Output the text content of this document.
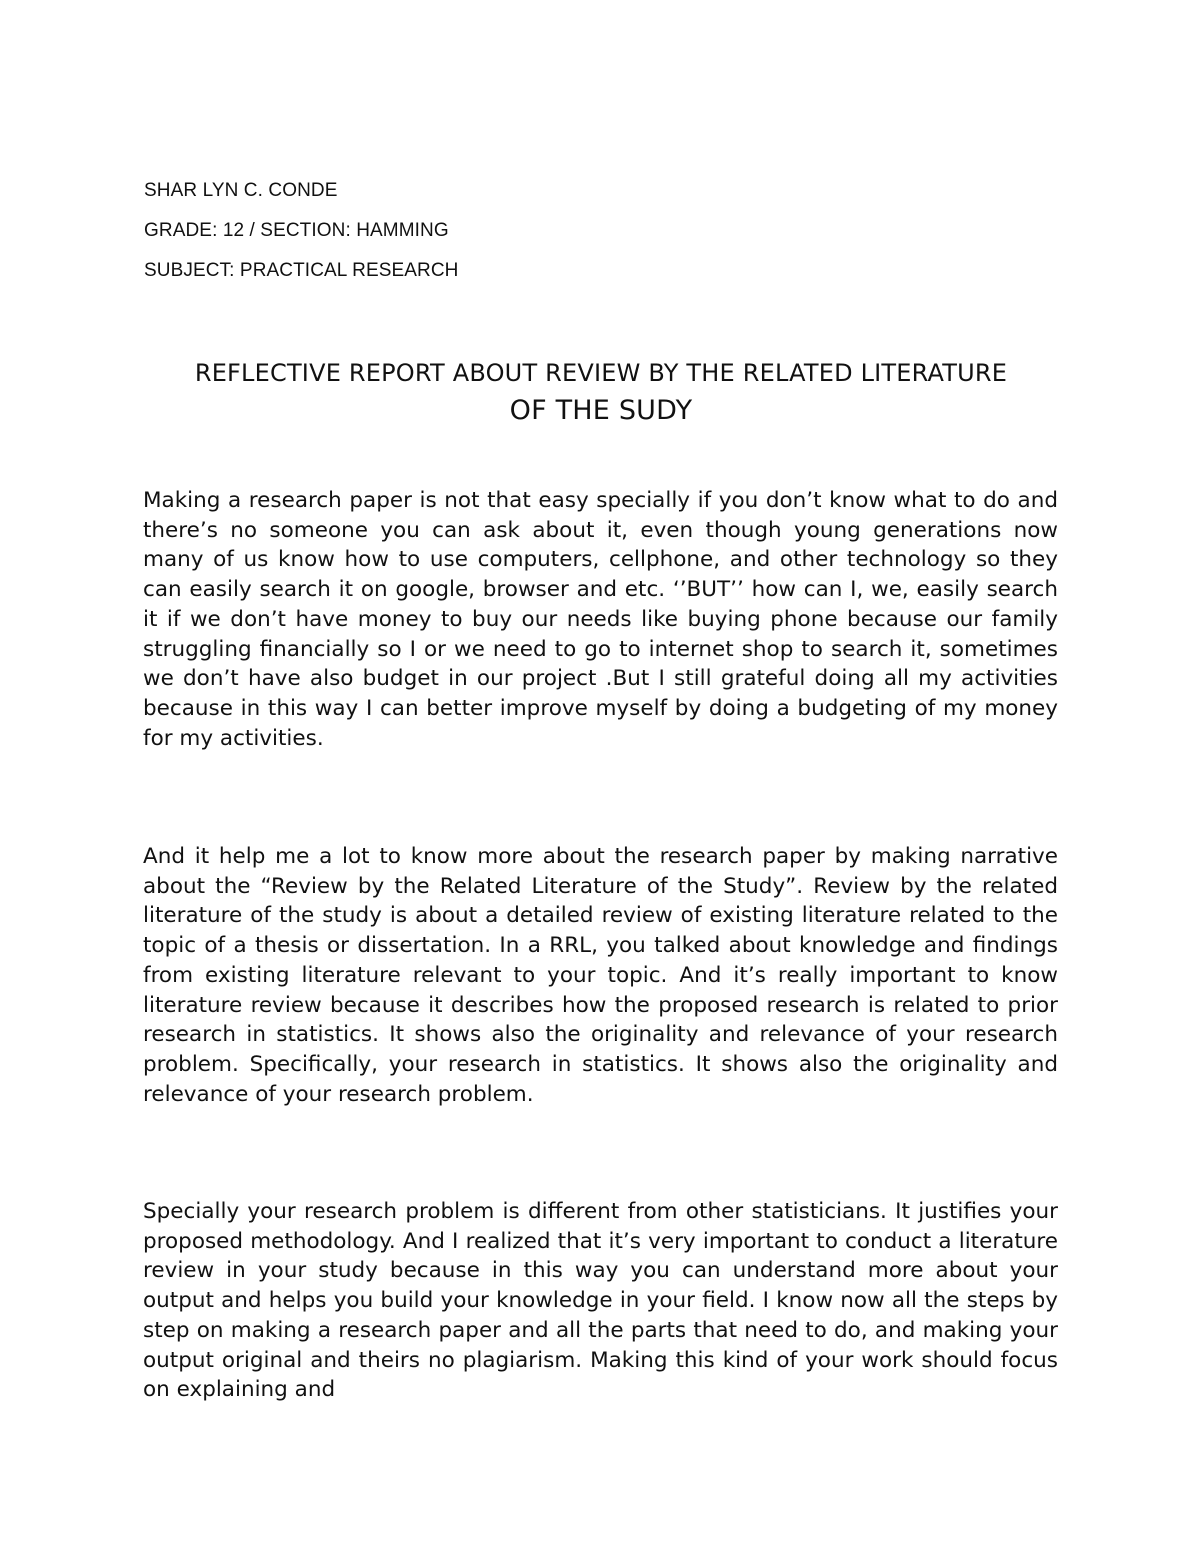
SHAR LYN C. CONDE
GRADE: 12 / SECTION: HAMMING
SUBJECT: PRACTICAL RESEARCH
REFLECTIVE REPORT ABOUT REVIEW BY THE RELATED LITERATURE
OF THE SUDY

Making a research paper is not that easy specially if you don’t know what to do and there’s no someone you can ask about it, even though young generations now many of us know how to use computers, cellphone, and other technology so they can easily search it on google, browser and etc. ‘’BUT’’ how can I, we, easily search it if we don’t have money to buy our needs like buying phone because our family struggling financially so I or we need to go to internet shop to search it, sometimes we don’t have also budget in our project .But I still grateful doing all my activities because in this way I can better improve myself by doing a budgeting of my money for my activities.

And it help me a lot to know more about the research paper by making narrative about the “Review by the Related Literature of the Study”. Review by the related literature of the study is about a detailed review of existing literature related to the topic of a thesis or dissertation. In a RRL, you talked about knowledge and findings from existing literature relevant to your topic. And it’s really important to know literature review because it describes how the proposed research is related to prior research in statistics. It shows also the originality and relevance of your research problem. Specifically, your research in statistics. It shows also the originality and relevance of your research problem.

Specially your research problem is different from other statisticians. It justifies your proposed methodology. And I realized that it’s very important to conduct a literature review in your study because in this way you can understand more about your output and helps you build your knowledge in your field. I know now all the steps by step on making a research paper and all the parts that need to do, and making your output original and theirs no plagiarism. Making this kind of your work should focus on explaining and
